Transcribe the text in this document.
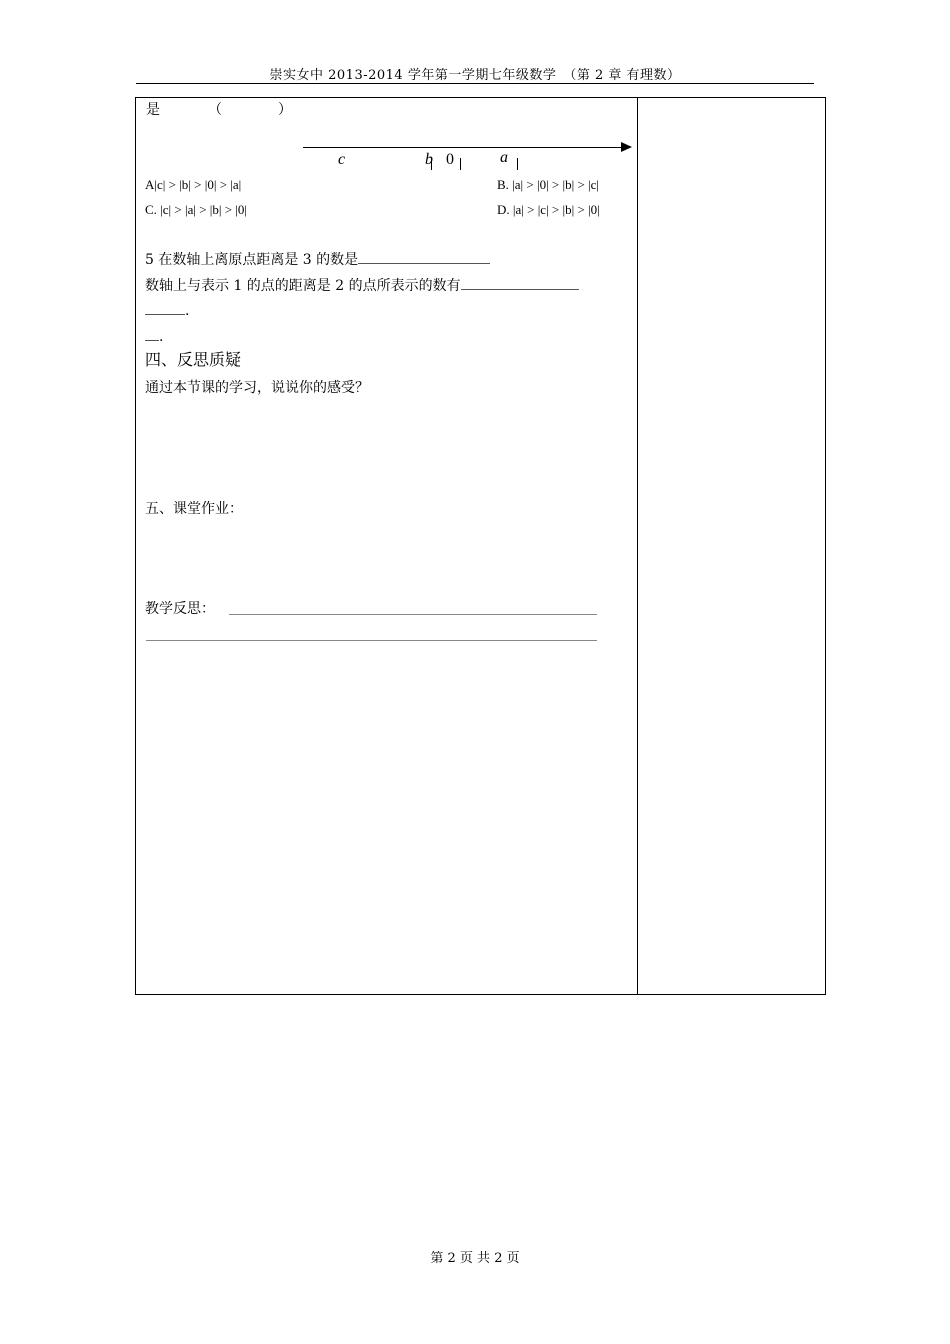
崇实女中 2013-2014 学年第一学期七年级数学　（第 2 章 有理数）
是	（　　　　）
c	b 0	a
A|c| > |b| > |0| > |a|	B. |a| > |0| > |b| > |c|
C. |c| > |a| > |b| > |0|	D. |a| > |c| > |b| > |0|
5 在数轴上离原点距离是 3 的数是
数轴上与表示 1 的点的距离是 2 的点所表示的数有
.
.
四、反思质疑
通过本节课的学习，说说你的感受？
五、课堂作业：
教学反思：
第 2 页 共 2 页
